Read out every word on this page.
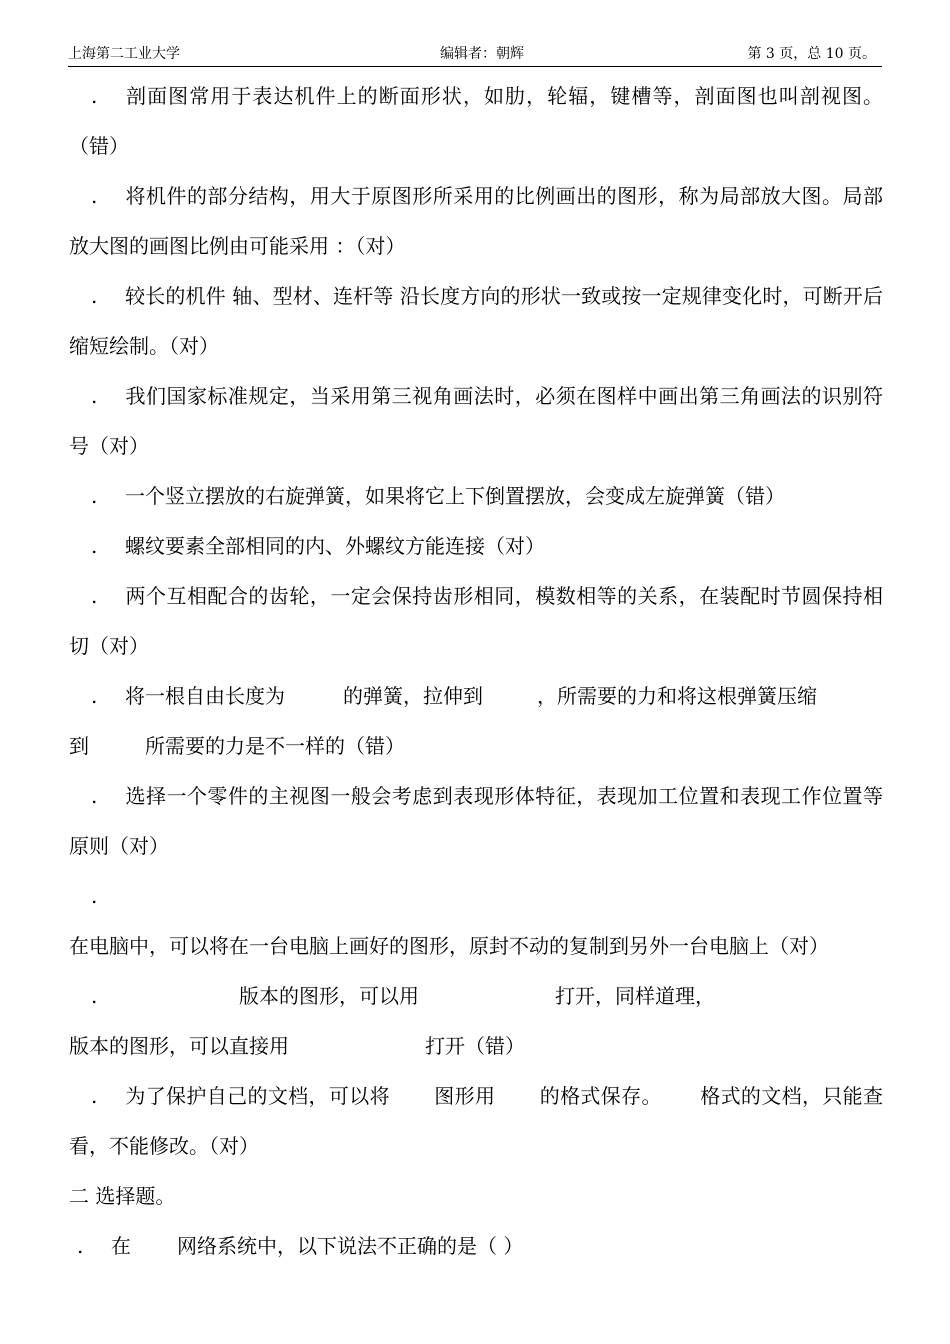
上海第二工业大学	编辑者：朝辉	第 3 页，总 10 页。

. 剖面图常用于表达机件上的断面形状，如肋，轮辐，键槽等，剖面图也叫剖视图。（错）

. 将机件的部分结构，用大于原图形所采用的比例画出的图形，称为局部放大图。局部放大图的画图比例由可能采用 ：（对）

. 较长的机件 轴、型材、连杆等 沿长度方向的形状一致或按一定规律变化时，可断开后缩短绘制。（对）

. 我们国家标准规定，当采用第三视角画法时，必须在图样中画出第三角画法的识别符号（对）

. 一个竖立摆放的右旋弹簧，如果将它上下倒置摆放，会变成左旋弹簧（错）

. 螺纹要素全部相同的内、外螺纹方能连接（对）

. 两个互相配合的齿轮，一定会保持齿形相同，模数相等的关系，在装配时节圆保持相切（对）

. 将一根自由长度为	的弹簧，拉伸到	，所需要的力和将这根弹簧压缩
到	所需要的力是不一样的（错）

. 选择一个零件的主视图一般会考虑到表现形体特征，表现加工位置和表现工作位置等原则（对）

.在电脑中，可以将在一台电脑上画好的图形，原封不动的复制到另外一台电脑上（对）

.	版本的图形，可以用	打开，同样道理，
版本的图形，可以直接用	打开（错）

. 为了保护自己的文档，可以将 图形用 的格式保存。 格式的文档，只能查看，不能修改。（对）

二 选择题。

. 在 网络系统中，以下说法不正确的是（ ）
